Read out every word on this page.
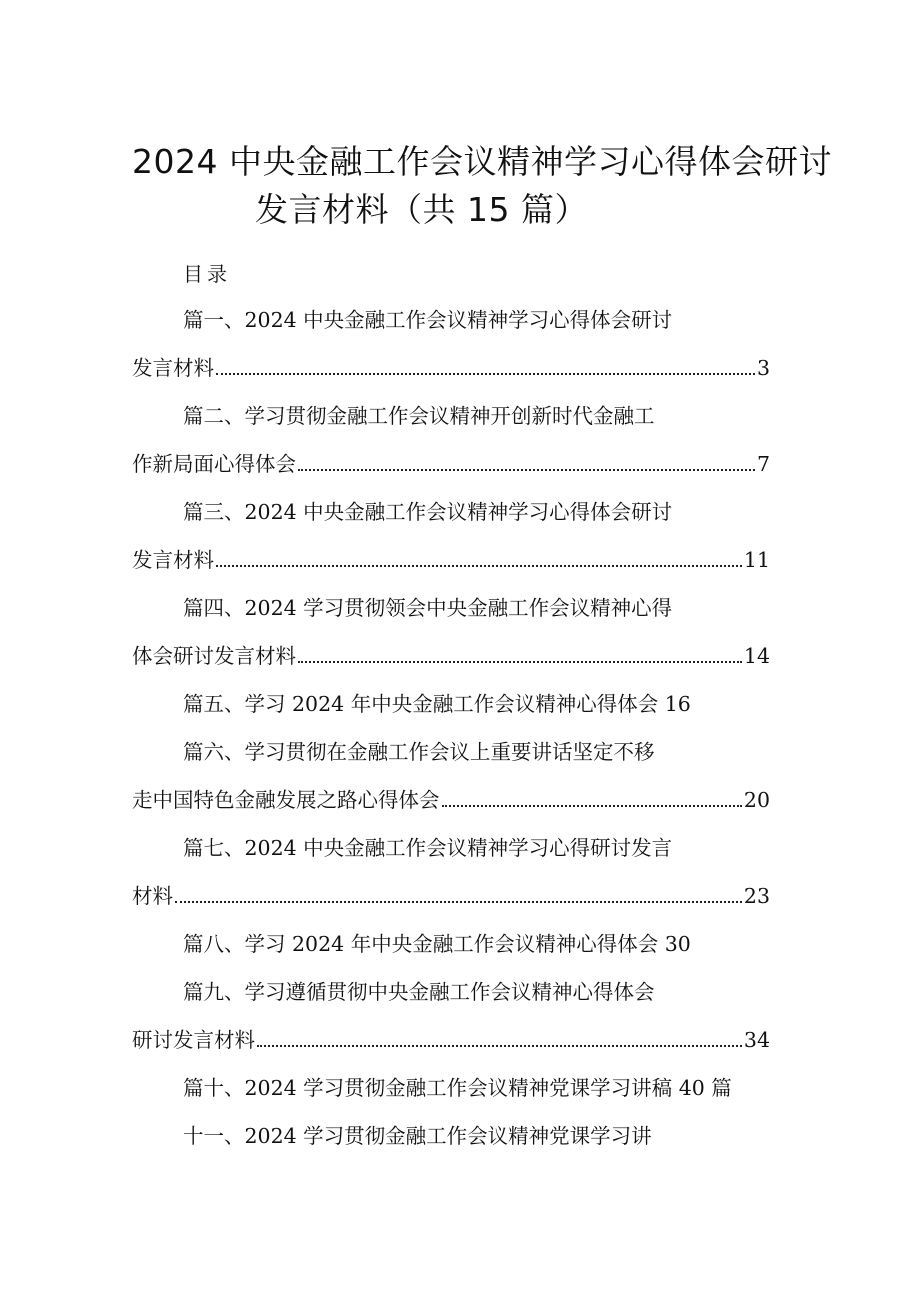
2024 中央金融工作会议精神学习心得体会研讨
发言材料（共 15 篇）
目录
篇一、2024 中央金融工作会议精神学习心得体会研讨
发言材料	3
篇二、学习贯彻金融工作会议精神开创新时代金融工
作新局面心得体会	7
篇三、2024 中央金融工作会议精神学习心得体会研讨
发言材料	11
篇四、2024 学习贯彻领会中央金融工作会议精神心得
体会研讨发言材料	14
篇五、学习 2024 年中央金融工作会议精神心得体会 16
篇六、学习贯彻在金融工作会议上重要讲话坚定不移
走中国特色金融发展之路心得体会	20
篇七、2024 中央金融工作会议精神学习心得研讨发言
材料	23
篇八、学习 2024 年中央金融工作会议精神心得体会 30
篇九、学习遵循贯彻中央金融工作会议精神心得体会
研讨发言材料	34
篇十、2024 学习贯彻金融工作会议精神党课学习讲稿 40 篇
十一、2024 学习贯彻金融工作会议精神党课学习讲
